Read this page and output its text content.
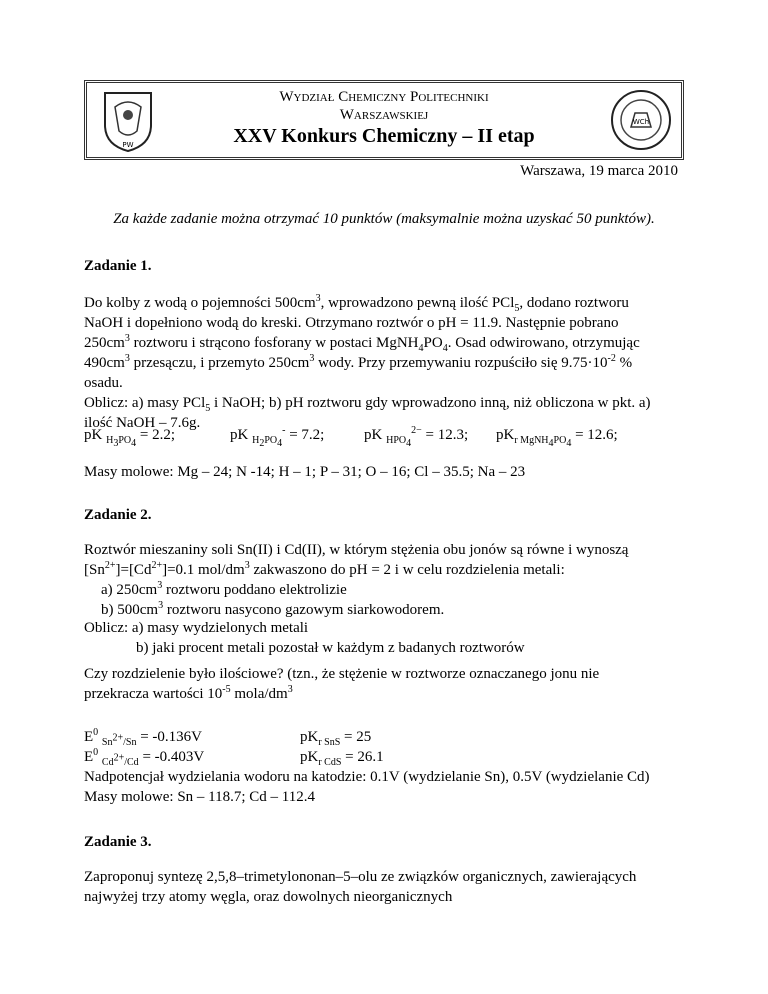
PW
Wydział Chemiczny Politechniki
Warszawskiej
XXV Konkurs Chemiczny – II etap
WCh
Warszawa, 19 marca 2010
Za każde zadanie można otrzymać 10 punktów (maksymalnie można uzyskać 50 punktów).
Zadanie 1.
Do kolby z wodą o pojemności $500cm^3$, wprowadzono pewną ilość PCl$_5$, dodano roztworu
NaOH i dopełniono wodą do kreski. Otrzymano roztwór o pH = 11.9. Następnie pobrano
$250cm^3$ roztworu i strącono fosforany w postaci $MgNH_4PO_4$. Osad odwirowano, otrzymując
$490cm^3$ przesączu, i przemyto $250cm^3$ wody. Przy przemywaniu rozpuściło się $9.75\cdot 10^{-2}$ %
osadu.
Oblicz: a) masy PCl$_5$ i NaOH; b) pH roztworu gdy wprowadzono inną, niż obliczona w pkt. a)
ilość NaOH – 7.6g.
pK $_{H_3PO_4}$ = 2.2;	pK $_{H_2PO_4}$- = 7.2;	pK $_{HPO_4}^{2-}$ = 12.3; $pK_{r MgNH_4PO_4} = 12.6$;
Masy molowe: Mg – 24; N -14; H – 1; P – 31; O – 16; Cl – 35.5; Na – 23
Zadanie 2.
Roztwór mieszaniny soli Sn(II) i Cd(II), w którym stężenia obu jonów są równe i wynoszą
$[Sn^{2+}]=[Cd^{2+}]=0.1$ mol/$dm^3$ zakwaszono do pH = 2 i w celu rozdzielenia metali:
a) $250cm^3$ roztworu poddano elektrolizie
b) $500cm^3$ roztworu nasycono gazowym siarkowodorem.
Oblicz: a) masy wydzielonych metali
b) jaki procent metali pozostał w każdym z badanych roztworów
Czy rozdzielenie było ilościowe? (tzn., że stężenie w roztworze oznaczanego jonu nie
przekracza wartości $10^{-5}$ mola/$dm^3$
$E^0$ $_{Sn^{2+}/Sn}$ = -0.136V	$pK_{r SnS} = 25$
$E^0$ $_{Cd^{2+}/Cd}$ = -0.403V	$pK_{r CdS} = 26.1$
Nadpotencjał wydzielania wodoru na katodzie: 0.1V (wydzielanie Sn), 0.5V (wydzielanie Cd)
Masy molowe: Sn – 118.7; Cd – 112.4
Zadanie 3.
Zaproponuj syntezę 2,5,8–trimetylononan–5–olu ze związków organicznych, zawierających
najwyżej trzy atomy węgla, oraz dowolnych nieorganicznych
